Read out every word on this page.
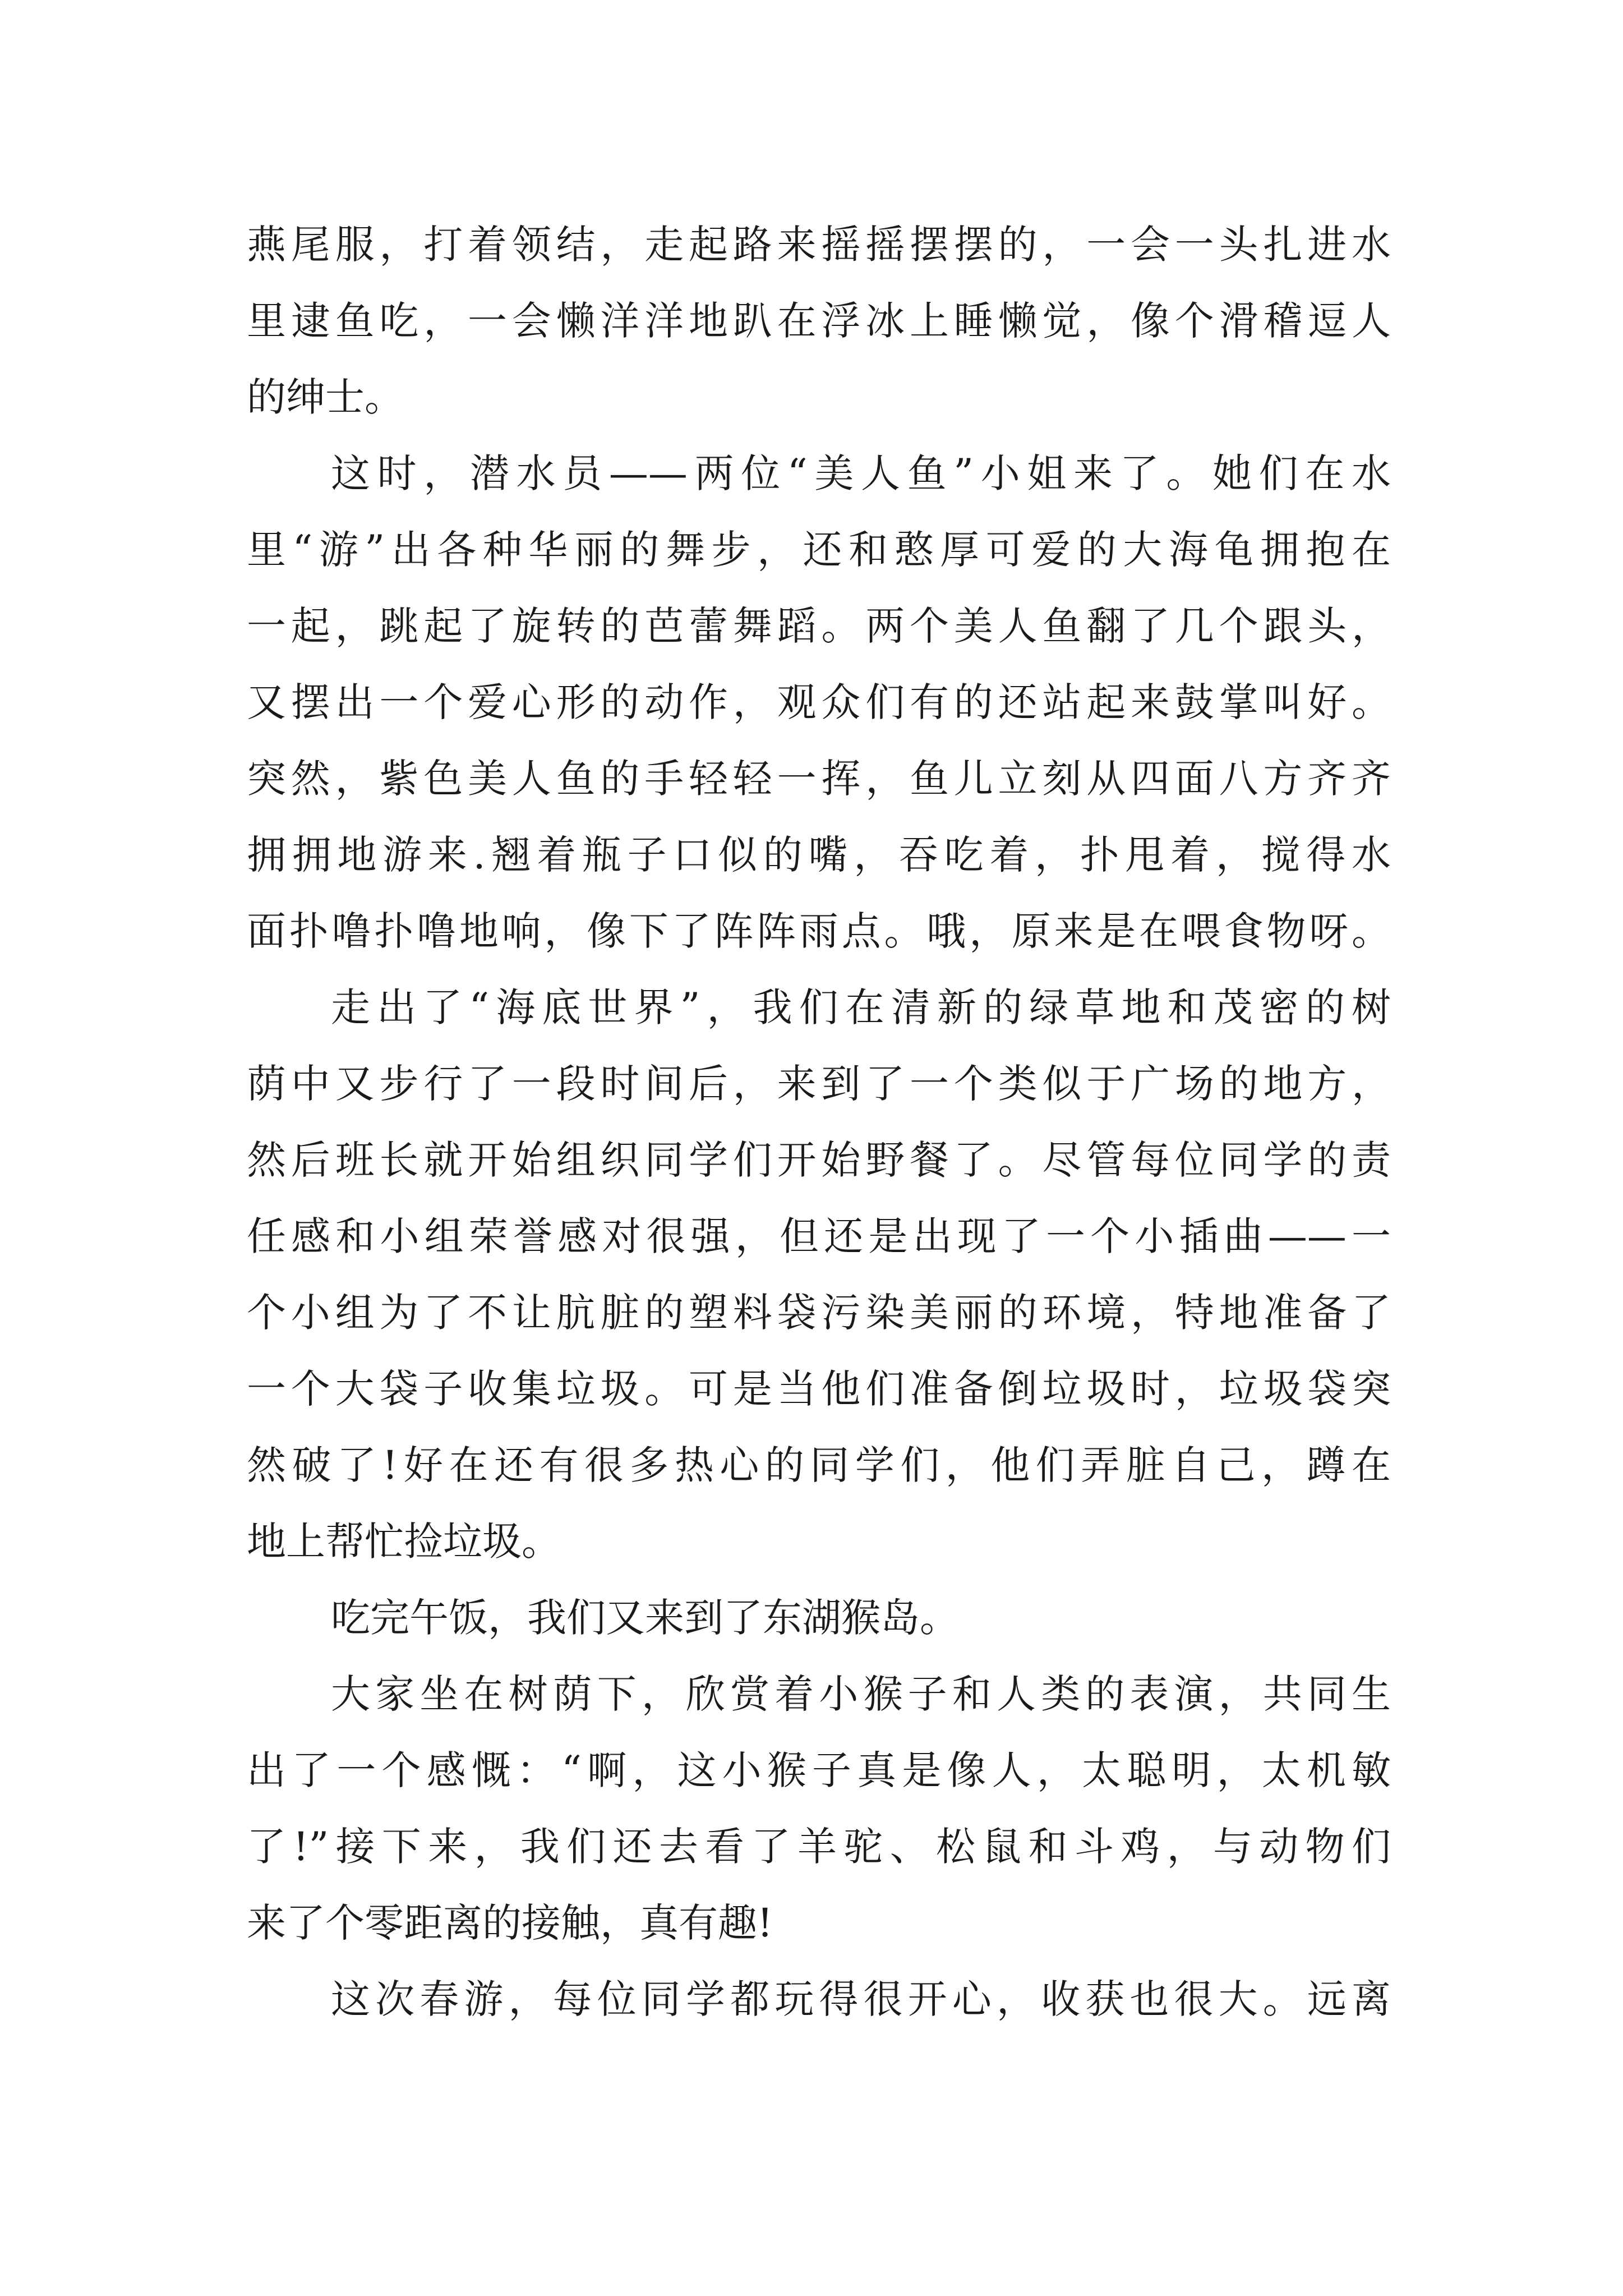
燕尾服，打着领结，走起路来摇摇摆摆的，一会一头扎进水
里逮鱼吃，一会懒洋洋地趴在浮冰上睡懒觉，像个滑稽逗人
的绅士。
这时，潜水员——两位“美人鱼”小姐来了。她们在水
里“游”出各种华丽的舞步，还和憨厚可爱的大海龟拥抱在
一起，跳起了旋转的芭蕾舞蹈。两个美人鱼翻了几个跟头，
又摆出一个爱心形的动作，观众们有的还站起来鼓掌叫好。
突然，紫色美人鱼的手轻轻一挥，鱼儿立刻从四面八方齐齐
拥拥地游来.翘着瓶子口似的嘴，吞吃着，扑甩着，搅得水
面扑噜扑噜地响，像下了阵阵雨点。哦，原来是在喂食物呀。
走出了“海底世界”，我们在清新的绿草地和茂密的树
荫中又步行了一段时间后，来到了一个类似于广场的地方，
然后班长就开始组织同学们开始野餐了。尽管每位同学的责
任感和小组荣誉感对很强，但还是出现了一个小插曲——一
个小组为了不让肮脏的塑料袋污染美丽的环境，特地准备了
一个大袋子收集垃圾。可是当他们准备倒垃圾时，垃圾袋突
然破了!好在还有很多热心的同学们，他们弄脏自己，蹲在
地上帮忙捡垃圾。
吃完午饭，我们又来到了东湖猴岛。
大家坐在树荫下，欣赏着小猴子和人类的表演，共同生
出了一个感慨：“啊，这小猴子真是像人，太聪明，太机敏
了!”接下来，我们还去看了羊驼、松鼠和斗鸡，与动物们
来了个零距离的接触，真有趣!
这次春游，每位同学都玩得很开心，收获也很大。远离
